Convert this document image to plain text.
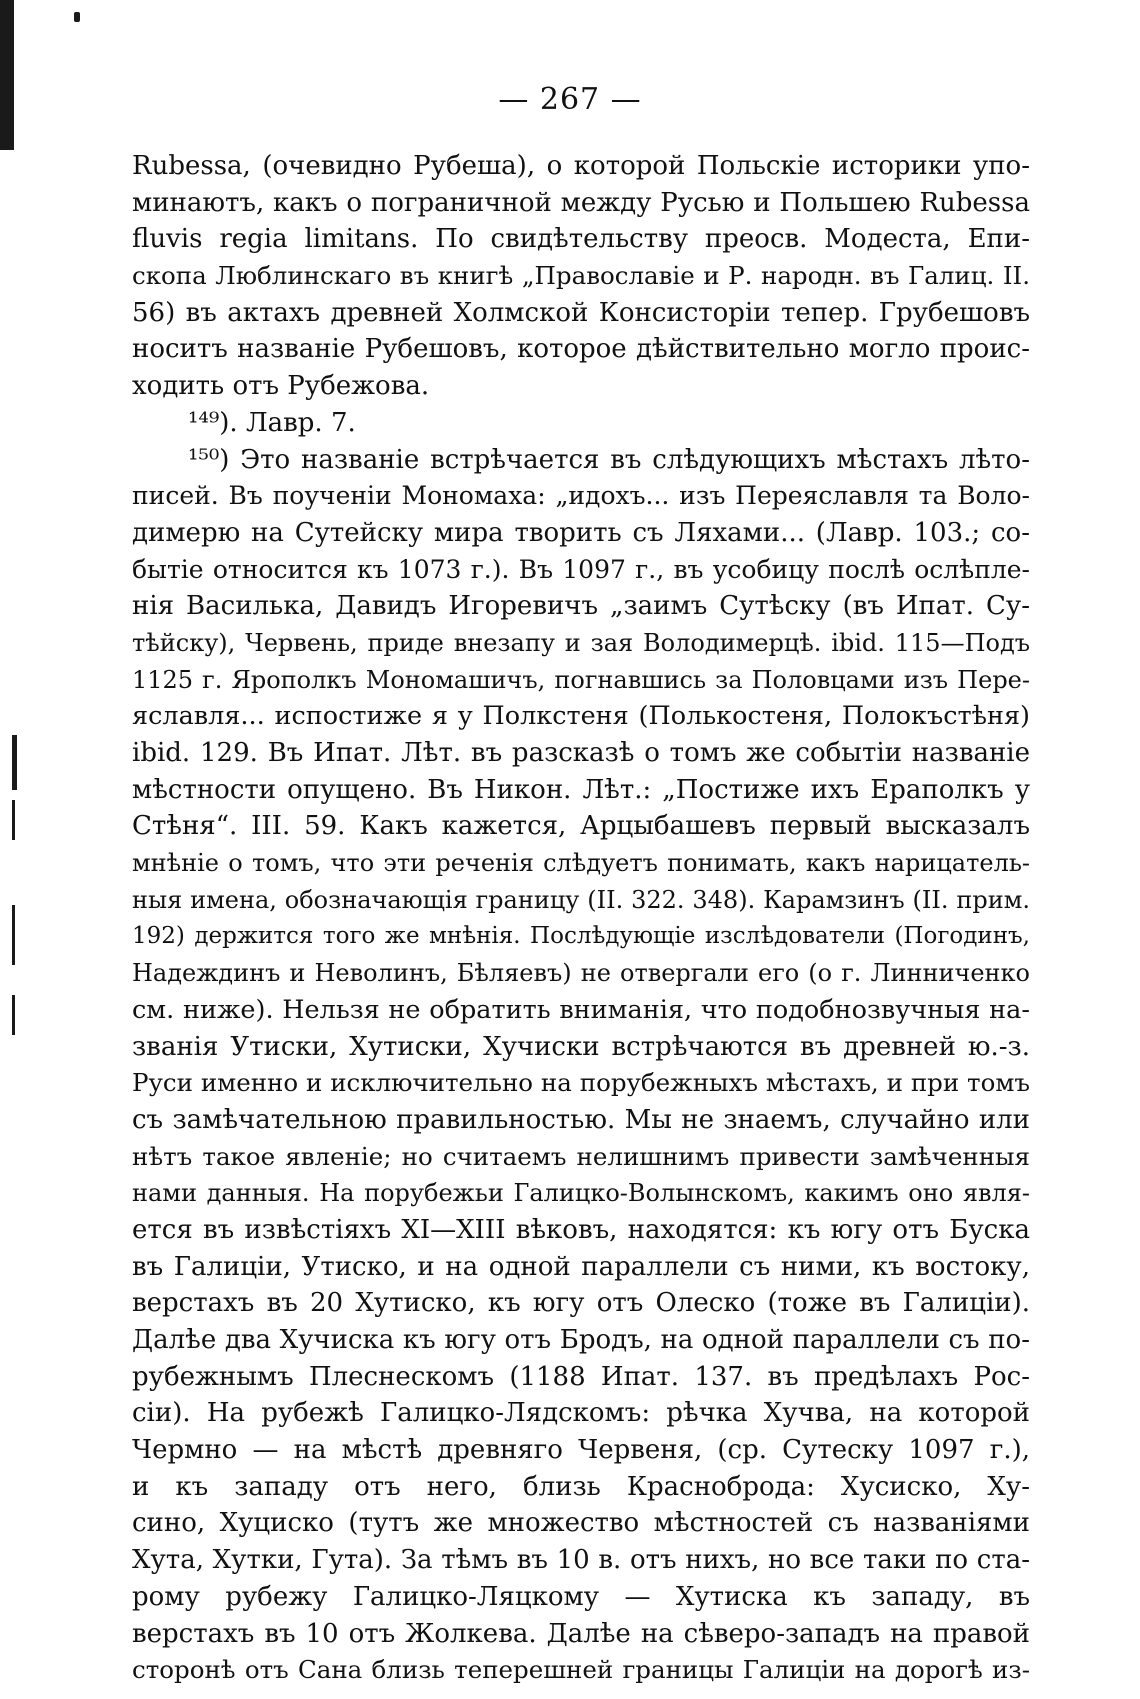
— 267 —
Rubessa, (очевидно Рубеша), о которой Польскіе историки упо-
минаютъ, какъ о пограничной между Русью и Польшею Rubessa
fluvis regia limitans. По свидѣтельству преосв. Модеста, Епи-
скопа Люблинскаго въ книгѣ „Православіе и Р. народн. въ Галиц. II.
56) въ актахъ древней Холмской Консисторіи тепер. Грубешовъ
носитъ названіе Рубешовъ, которое дѣйствительно могло проис-
ходить отъ Рубежова.
¹⁴⁹). Лавр. 7.
¹⁵⁰) Это названіе встрѣчается въ слѣдующихъ мѣстахъ лѣто-
писей. Въ поученіи Мономаха: „идохъ... изъ Переяславля та Воло-
димерю на Сутейску мира творить съ Ляхами... (Лавр. 103.; со-
бытіе относится къ 1073 г.). Въ 1097 г., въ усобицу послѣ ослѣпле-
нія Василька, Давидъ Игоревичъ „заимъ Сутѣску (въ Ипат. Су-
тѣйску), Червень, приде внезапу и зая Володимерцѣ. ibid. 115—Подъ
1125 г. Ярополкъ Мономашичъ, погнавшись за Половцами изъ Пере-
яславля... испостиже я у Полкстеня (Полькостеня, Полокъстѣня)
ibid. 129. Въ Ипат. Лѣт. въ разсказѣ о томъ же событіи названіе
мѣстности опущено. Въ Никон. Лѣт.: „Постиже ихъ Ераполкъ у
Стѣня“. III. 59. Какъ кажется, Арцыбашевъ первый высказалъ
мнѣніе о томъ, что эти реченія слѣдуетъ понимать, какъ нарицатель-
ныя имена, обозначающія границу (II. 322. 348). Карамзинъ (II. прим.
192) держится того же мнѣнія. Послѣдующіе изслѣдователи (Погодинъ,
Надеждинъ и Неволинъ, Бѣляевъ) не отвергали его (о г. Линниченко
см. ниже). Нельзя не обратить вниманія, что подобнозвучныя на-
званія Утиски, Хутиски, Хучиски встрѣчаются въ древней ю.-з.
Руси именно и исключительно на порубежныхъ мѣстахъ, и при томъ
съ замѣчательною правильностью. Мы не знаемъ, случайно или
нѣтъ такое явленіе; но считаемъ нелишнимъ привести замѣченныя
нами данныя. На порубежьи Галицко-Волынскомъ, какимъ оно явля-
ется въ извѣстіяхъ XI—XIII вѣковъ, находятся: къ югу отъ Буска
въ Галиціи, Утиско, и на одной параллели съ ними, къ востоку,
верстахъ въ 20 Хутиско, къ югу отъ Олеско (тоже въ Галиціи).
Далѣе два Хучиска къ югу отъ Бродъ, на одной параллели съ по-
рубежнымъ Плеснескомъ (1188 Ипат. 137. въ предѣлахъ Рос-
сіи). На рубежѣ Галицко-Лядскомъ: рѣчка Хучва, на которой
Чермно — на мѣстѣ древняго Червеня, (ср. Сутеску 1097 г.),
и къ западу отъ него, близь Красноброда: Хусиско, Ху-
сино, Хуциско (тутъ же множество мѣстностей съ названіями
Хута, Хутки, Гута). За тѣмъ въ 10 в. отъ нихъ, но все таки по ста-
рому рубежу Галицко-Ляцкому — Хутиска къ западу, въ
верстахъ въ 10 отъ Жолкева. Далѣе на сѣверо-западъ на правой
сторонѣ отъ Сана близь теперешней границы Галиціи на дорогѣ из-
